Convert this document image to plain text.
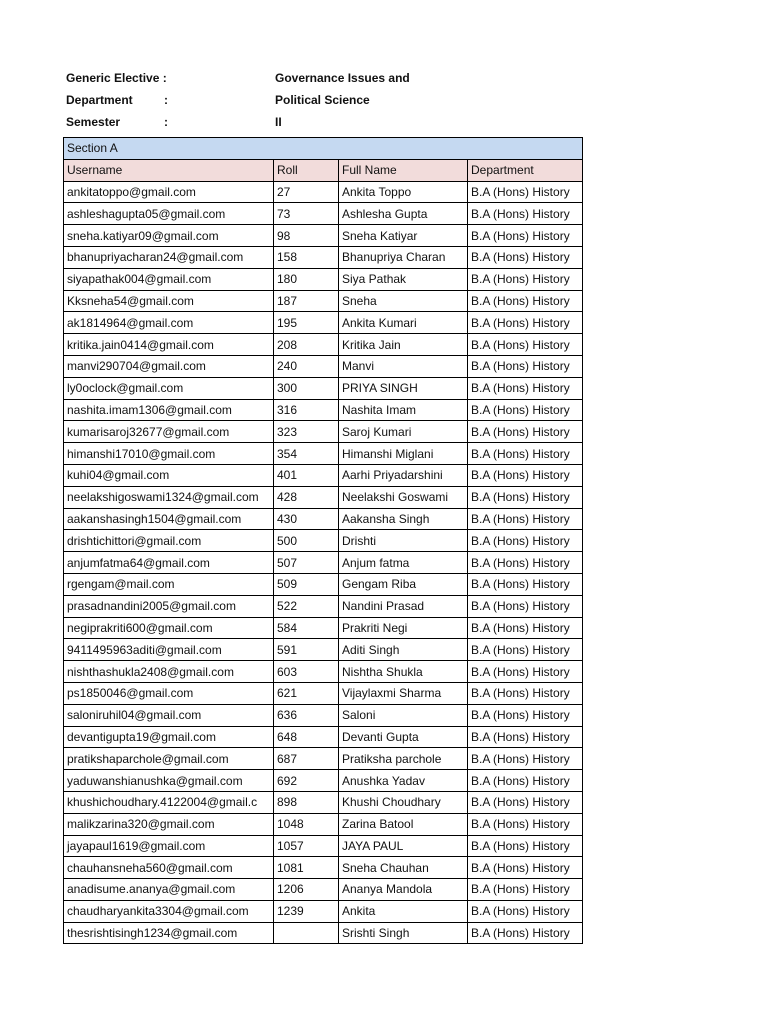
Generic Elective :	Governance Issues and
Department	:	Political Science
Semester	:	II
Section A			
Username	Roll	Full Name	Department
ankitatoppo@gmail.com	27	Ankita Toppo	B.A (Hons) History
ashleshagupta05@gmail.com	73	Ashlesha Gupta	B.A (Hons) History
sneha.katiyar09@gmail.com	98	Sneha Katiyar	B.A (Hons) History
bhanupriyacharan24@gmail.com	158	Bhanupriya Charan	B.A (Hons) History
siyapathak004@gmail.com	180	Siya Pathak	B.A (Hons) History
Kksneha54@gmail.com	187	Sneha	B.A (Hons) History
ak1814964@gmail.com	195	Ankita Kumari	B.A (Hons) History
kritika.jain0414@gmail.com	208	Kritika Jain	B.A (Hons) History
manvi290704@gmail.com	240	Manvi	B.A (Hons) History
ly0oclock@gmail.com	300	PRIYA SINGH	B.A (Hons) History
nashita.imam1306@gmail.com	316	Nashita Imam	B.A (Hons) History
kumarisaroj32677@gmail.com	323	Saroj Kumari	B.A (Hons) History
himanshi17010@gmail.com	354	Himanshi Miglani	B.A (Hons) History
kuhi04@gmail.com	401	Aarhi Priyadarshini	B.A (Hons) History
neelakshigoswami1324@gmail.com	428	Neelakshi Goswami	B.A (Hons) History
aakanshasingh1504@gmail.com	430	Aakansha Singh	B.A (Hons) History
drishtichittori@gmail.com	500	Drishti	B.A (Hons) History
anjumfatma64@gmail.com	507	Anjum fatma	B.A (Hons) History
rgengam@mail.com	509	Gengam Riba	B.A (Hons) History
prasadnandini2005@gmail.com	522	Nandini Prasad	B.A (Hons) History
negiprakriti600@gmail.com	584	Prakriti Negi	B.A (Hons) History
9411495963aditi@gmail.com	591	Aditi Singh	B.A (Hons) History
nishthashukla2408@gmail.com	603	Nishtha Shukla	B.A (Hons) History
ps1850046@gmail.com	621	Vijaylaxmi Sharma	B.A (Hons) History
saloniruhil04@gmail.com	636	Saloni	B.A (Hons) History
devantigupta19@gmail.com	648	Devanti Gupta	B.A (Hons) History
pratikshaparchole@gmail.com	687	Pratiksha parchole	B.A (Hons) History
yaduwanshianushka@gmail.com	692	Anushka Yadav	B.A (Hons) History
khushichoudhary.4122004@gmail.c	898	Khushi Choudhary	B.A (Hons) History
malikzarina320@gmail.com	1048	Zarina Batool	B.A (Hons) History
jayapaul1619@gmail.com	1057	JAYA PAUL	B.A (Hons) History
chauhansneha560@gmail.com	1081	Sneha Chauhan	B.A (Hons) History
anadisume.ananya@gmail.com	1206	Ananya Mandola	B.A (Hons) History
chaudharyankita3304@gmail.com	1239	Ankita	B.A (Hons) History
thesrishtisingh1234@gmail.com		Srishti Singh	B.A (Hons) History
